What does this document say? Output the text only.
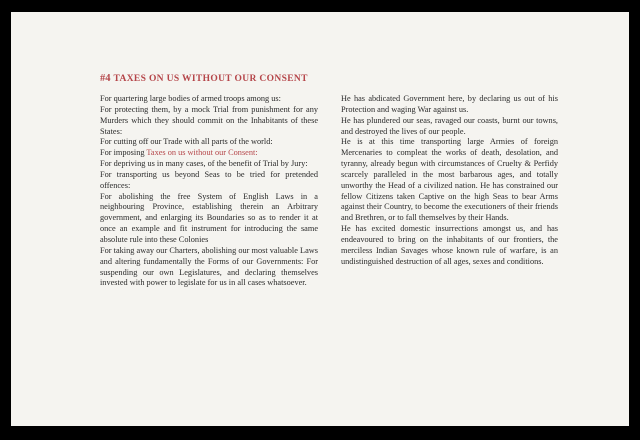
#4 TAXES ON US WITHOUT OUR CONSENT

For quartering large bodies of armed troops among us:

For protecting them, by a mock Trial from punishment for any Murders which they should commit on the Inhabitants of these States:

For cutting off our Trade with all parts of the world:

For imposing Taxes on us without our Consent:

For depriving us in many cases, of the benefit of Trial by Jury:

For transporting us beyond Seas to be tried for pretended offences:

For abolishing the free System of English Laws in a neighbouring Province, establishing therein an Arbitrary government, and enlarging its Boundaries so as to render it at once an example and fit instrument for introducing the same absolute rule into these Colonies

For taking away our Charters, abolishing our most valuable Laws and altering fundamentally the Forms of our Governments: For suspending our own Legislatures, and declaring themselves invested with power to legislate for us in all cases whatsoever.

He has abdicated Government here, by declaring us out of his Protection and waging War against us.

He has plundered our seas, ravaged our coasts, burnt our towns, and destroyed the lives of our people.

He is at this time transporting large Armies of foreign Mercenaries to compleat the works of death, desolation, and tyranny, already begun with circumstances of Cruelty & Perfidy scarcely paralleled in the most barbarous ages, and totally unworthy the Head of a civilized nation. He has constrained our fellow Citizens taken Captive on the high Seas to bear Arms against their Country, to become the executioners of their friends and Brethren, or to fall themselves by their Hands.

He has excited domestic insurrections amongst us, and has endeavoured to bring on the inhabitants of our frontiers, the merciless Indian Savages whose known rule of warfare, is an undistinguished destruction of all ages, sexes and conditions.
